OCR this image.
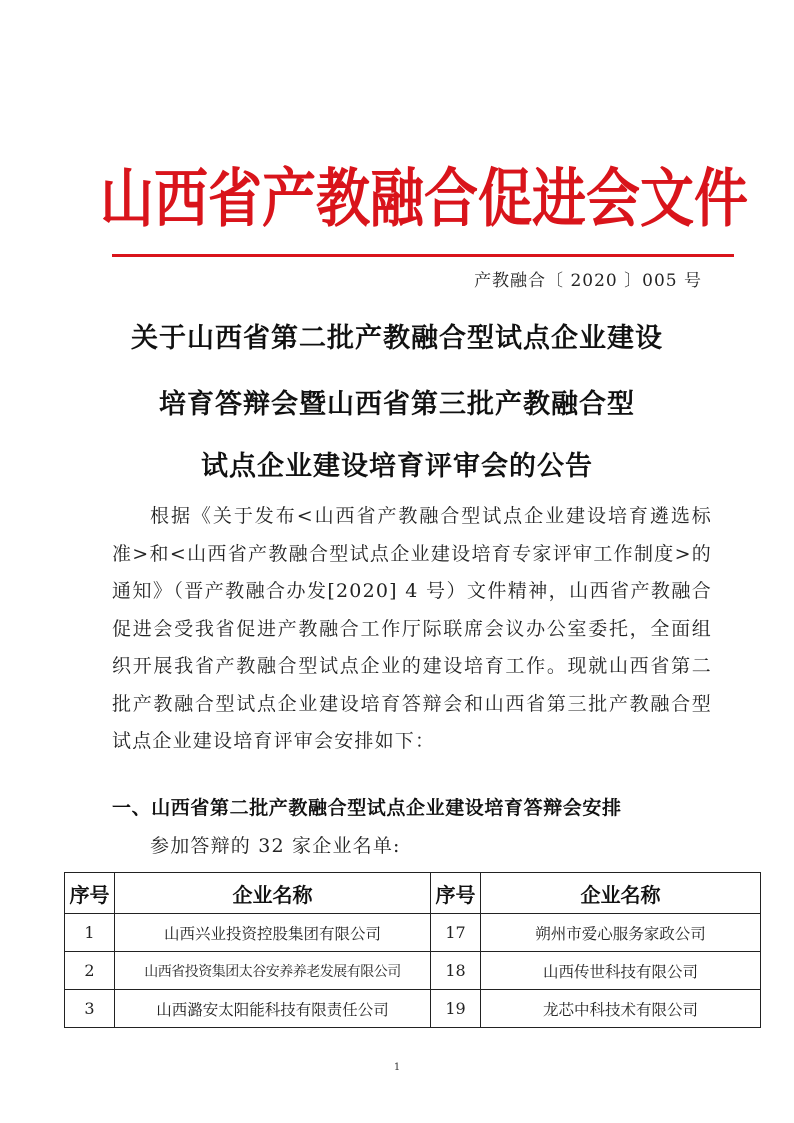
山西省产教融合促进会文件
产教融合〔 2020 〕005 号
关于山西省第二批产教融合型试点企业建设
培育答辩会暨山西省第三批产教融合型
试点企业建设培育评审会的公告
根据《关于发布<山西省产教融合型试点企业建设培育遴选标准>和<山西省产教融合型试点企业建设培育专家评审工作制度>的通知》（晋产教融合办发[2020] 4 号）文件精神，山西省产教融合促进会受我省促进产教融合工作厅际联席会议办公室委托，全面组织开展我省产教融合型试点企业的建设培育工作。现就山西省第二批产教融合型试点企业建设培育答辩会和山西省第三批产教融合型试点企业建设培育评审会安排如下：
一、山西省第二批产教融合型试点企业建设培育答辩会安排
参加答辩的 32 家企业名单:
序号	企业名称	序号	企业名称
1	山西兴业投资控股集团有限公司	17	朔州市爱心服务家政公司
2	山西省投资集团太谷安养养老发展有限公司	18	山西传世科技有限公司
3	山西潞安太阳能科技有限责任公司	19	龙芯中科技术有限公司
1
